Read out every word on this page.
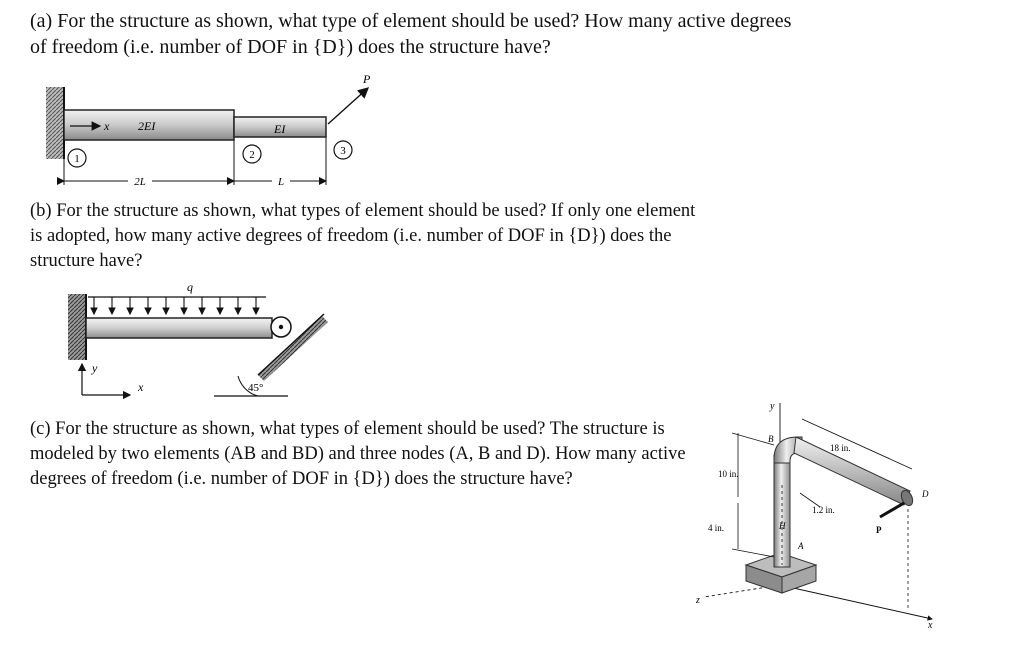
(a) For the structure as shown, what type of element should be used? How many active degrees of freedom (i.e. number of DOF in {D}) does the structure have?

x 2EI	EI
P
1	2	3
2L	L

(b) For the structure as shown, what types of element should be used? If only one element is adopted, how many active degrees of freedom (i.e. number of DOF in {D}) does the structure have?

q
45°
y
x

(c) For the structure as shown, what types of element should be used? The structure is modeled by two elements (AB and BD) and three nodes (A, B and D). How many active degrees of freedom (i.e. number of DOF in {D}) does the structure have?

y
x
z
B
A
D
H	P
18 in.
10 in.
4 in.
1.2 in.
